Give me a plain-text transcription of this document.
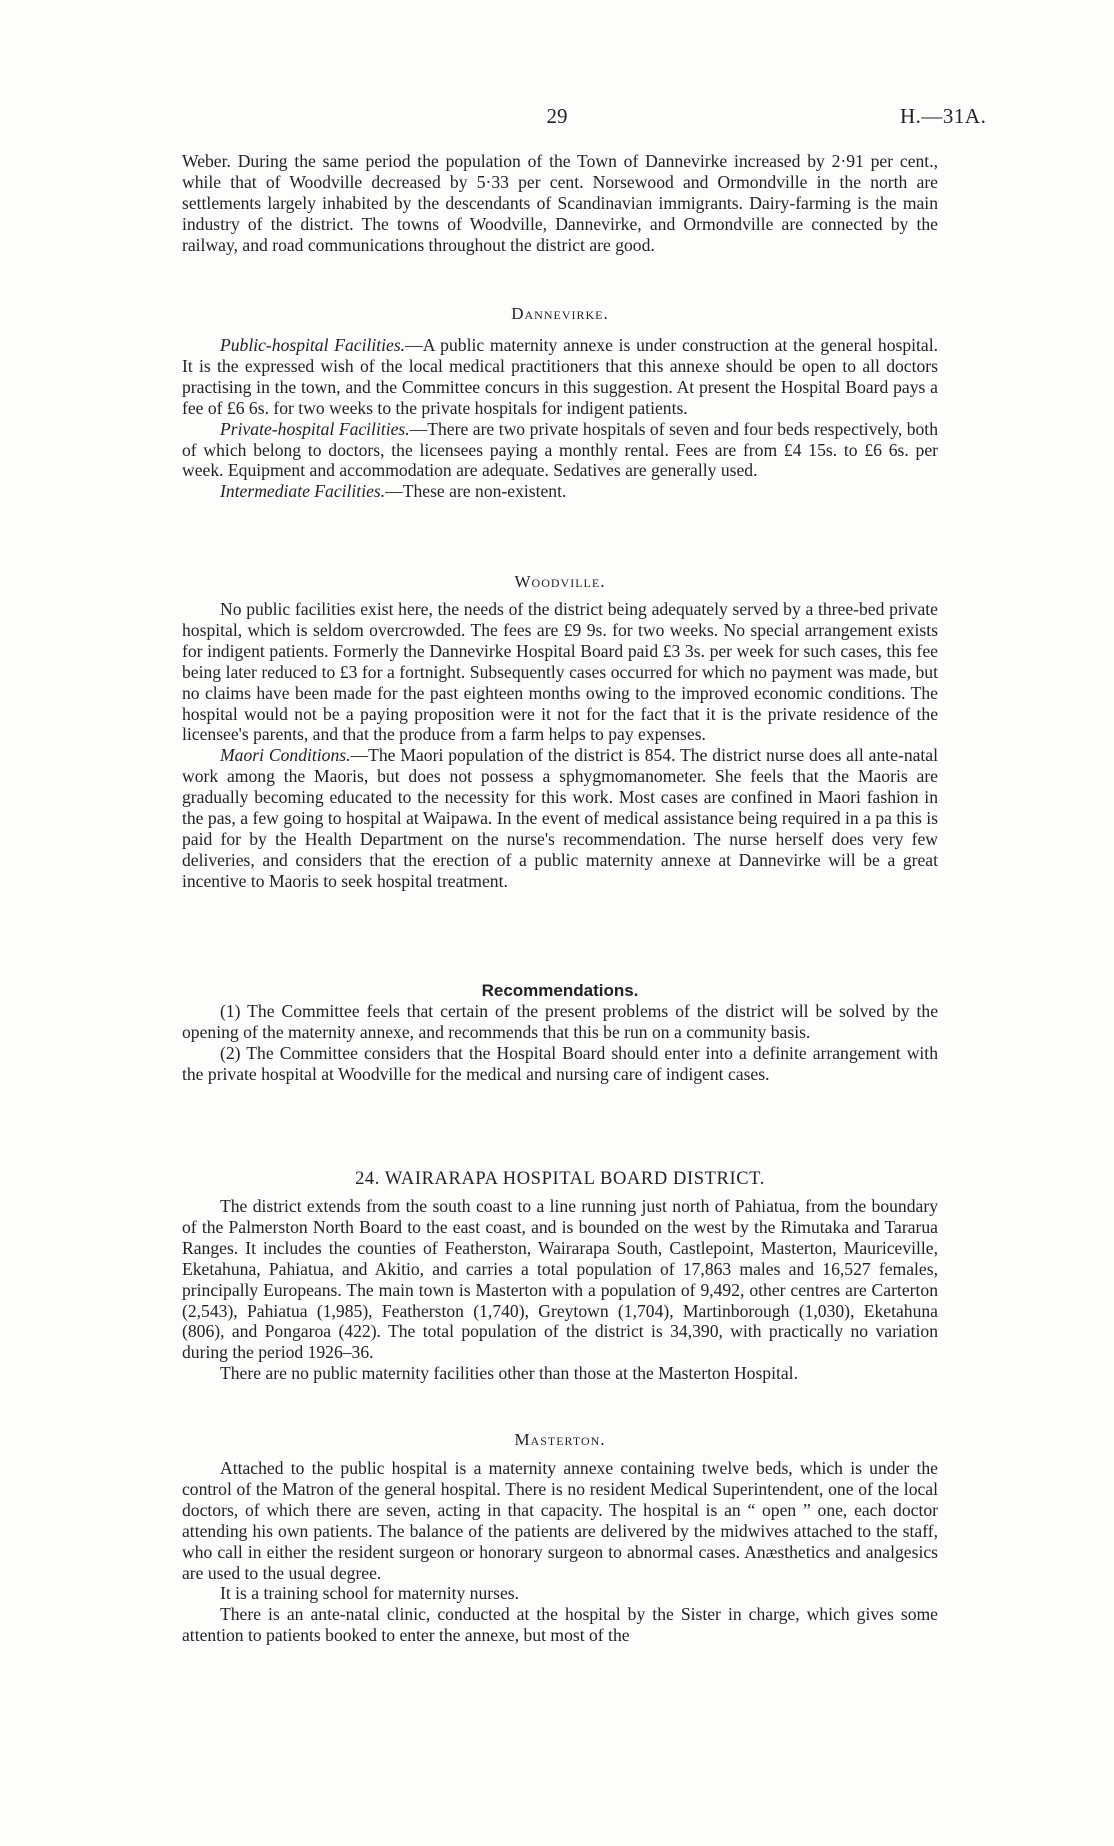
29	H.—31A.

Weber. During the same period the population of the Town of Dannevirke increased by 2·91 per cent., while that of Woodville decreased by 5·33 per cent. Norsewood and Ormondville in the north are settlements largely inhabited by the descendants of Scandinavian immigrants. Dairy-farming is the main industry of the district. The towns of Woodville, Dannevirke, and Ormondville are connected by the railway, and road communications throughout the district are good.

Dannevirke.

Public-hospital Facilities.—A public maternity annexe is under construction at the general hospital. It is the expressed wish of the local medical practitioners that this annexe should be open to all doctors practising in the town, and the Committee concurs in this suggestion. At present the Hospital Board pays a fee of £6 6s. for two weeks to the private hospitals for indigent patients.

Private-hospital Facilities.—There are two private hospitals of seven and four beds respectively, both of which belong to doctors, the licensees paying a monthly rental. Fees are from £4 15s. to £6 6s. per week. Equipment and accommodation are adequate. Sedatives are generally used.

Intermediate Facilities.—These are non-existent.

Woodville.

No public facilities exist here, the needs of the district being adequately served by a three-bed private hospital, which is seldom overcrowded. The fees are £9 9s. for two weeks. No special arrangement exists for indigent patients. Formerly the Dannevirke Hospital Board paid £3 3s. per week for such cases, this fee being later reduced to £3 for a fortnight. Subsequently cases occurred for which no payment was made, but no claims have been made for the past eighteen months owing to the improved economic conditions. The hospital would not be a paying proposition were it not for the fact that it is the private residence of the licensee's parents, and that the produce from a farm helps to pay expenses.

Maori Conditions.—The Maori population of the district is 854. The district nurse does all ante-natal work among the Maoris, but does not possess a sphygmomanometer. She feels that the Maoris are gradually becoming educated to the necessity for this work. Most cases are confined in Maori fashion in the pas, a few going to hospital at Waipawa. In the event of medical assistance being required in a pa this is paid for by the Health Department on the nurse's recommendation. The nurse herself does very few deliveries, and considers that the erection of a public maternity annexe at Dannevirke will be a great incentive to Maoris to seek hospital treatment.

Recommendations.

(1) The Committee feels that certain of the present problems of the district will be solved by the opening of the maternity annexe, and recommends that this be run on a community basis.

(2) The Committee considers that the Hospital Board should enter into a definite arrangement with the private hospital at Woodville for the medical and nursing care of indigent cases.

24. WAIRARAPA HOSPITAL BOARD DISTRICT.

The district extends from the south coast to a line running just north of Pahiatua, from the boundary of the Palmerston North Board to the east coast, and is bounded on the west by the Rimutaka and Tararua Ranges. It includes the counties of Featherston, Wairarapa South, Castlepoint, Masterton, Mauriceville, Eketahuna, Pahiatua, and Akitio, and carries a total population of 17,863 males and 16,527 females, principally Europeans. The main town is Masterton with a population of 9,492, other centres are Carterton (2,543), Pahiatua (1,985), Featherston (1,740), Greytown (1,704), Martinborough (1,030), Eketahuna (806), and Pongaroa (422). The total population of the district is 34,390, with practically no variation during the period 1926–36.

There are no public maternity facilities other than those at the Masterton Hospital.

Masterton.

Attached to the public hospital is a maternity annexe containing twelve beds, which is under the control of the Matron of the general hospital. There is no resident Medical Superintendent, one of the local doctors, of which there are seven, acting in that capacity. The hospital is an “ open ” one, each doctor attending his own patients. The balance of the patients are delivered by the midwives attached to the staff, who call in either the resident surgeon or honorary surgeon to abnormal cases. Anæsthetics and analgesics are used to the usual degree.

It is a training school for maternity nurses.

There is an ante-natal clinic, conducted at the hospital by the Sister in charge, which gives some attention to patients booked to enter the annexe, but most of the
